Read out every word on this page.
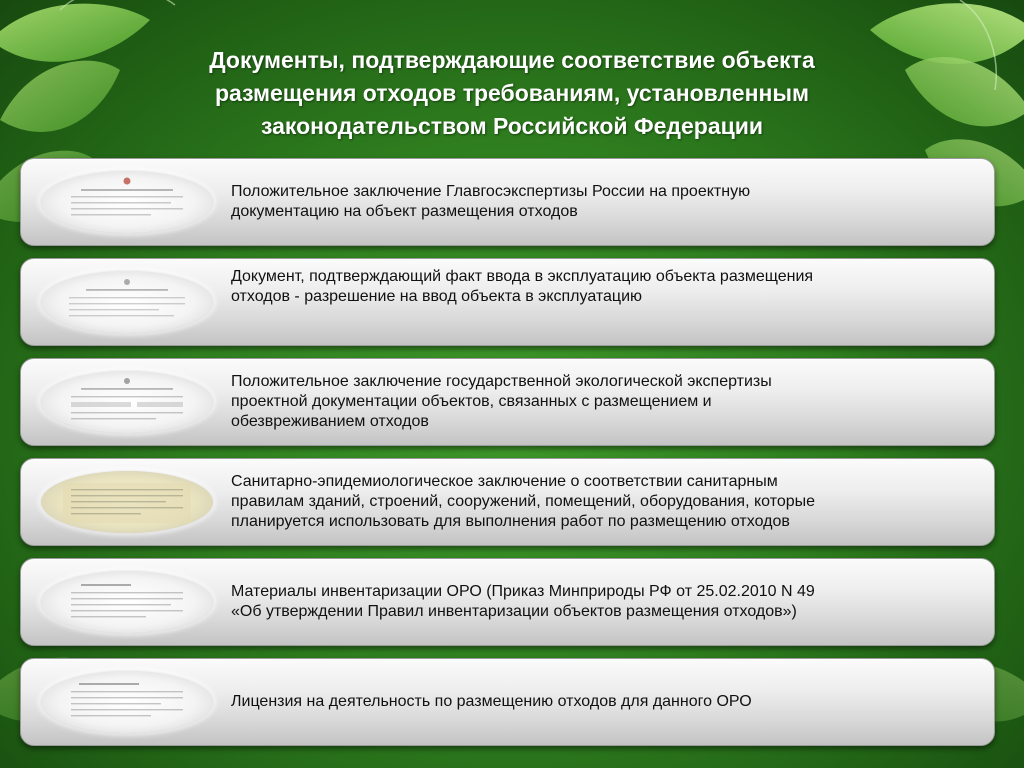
Документы, подтверждающие соответствие объекта
размещения отходов требованиям, установленным
законодательством Российской Федерации
Положительное заключение Главгосэкспертизы России на проектную
документацию на объект размещения отходов
Документ, подтверждающий факт ввода в эксплуатацию объекта размещения
отходов - разрешение на ввод объекта в эксплуатацию
Положительное заключение государственной экологической экспертизы
проектной документации объектов, связанных с размещением и
обезвреживанием отходов
Санитарно-эпидемиологическое заключение о соответствии санитарным
правилам зданий, строений, сооружений, помещений, оборудования, которые
планируется использовать для выполнения работ по размещению отходов
Материалы инвентаризации ОРО (Приказ Минприроды РФ от 25.02.2010 N 49
«Об утверждении Правил инвентаризации объектов размещения отходов»)
Лицензия на деятельность по размещению отходов для данного ОРО
